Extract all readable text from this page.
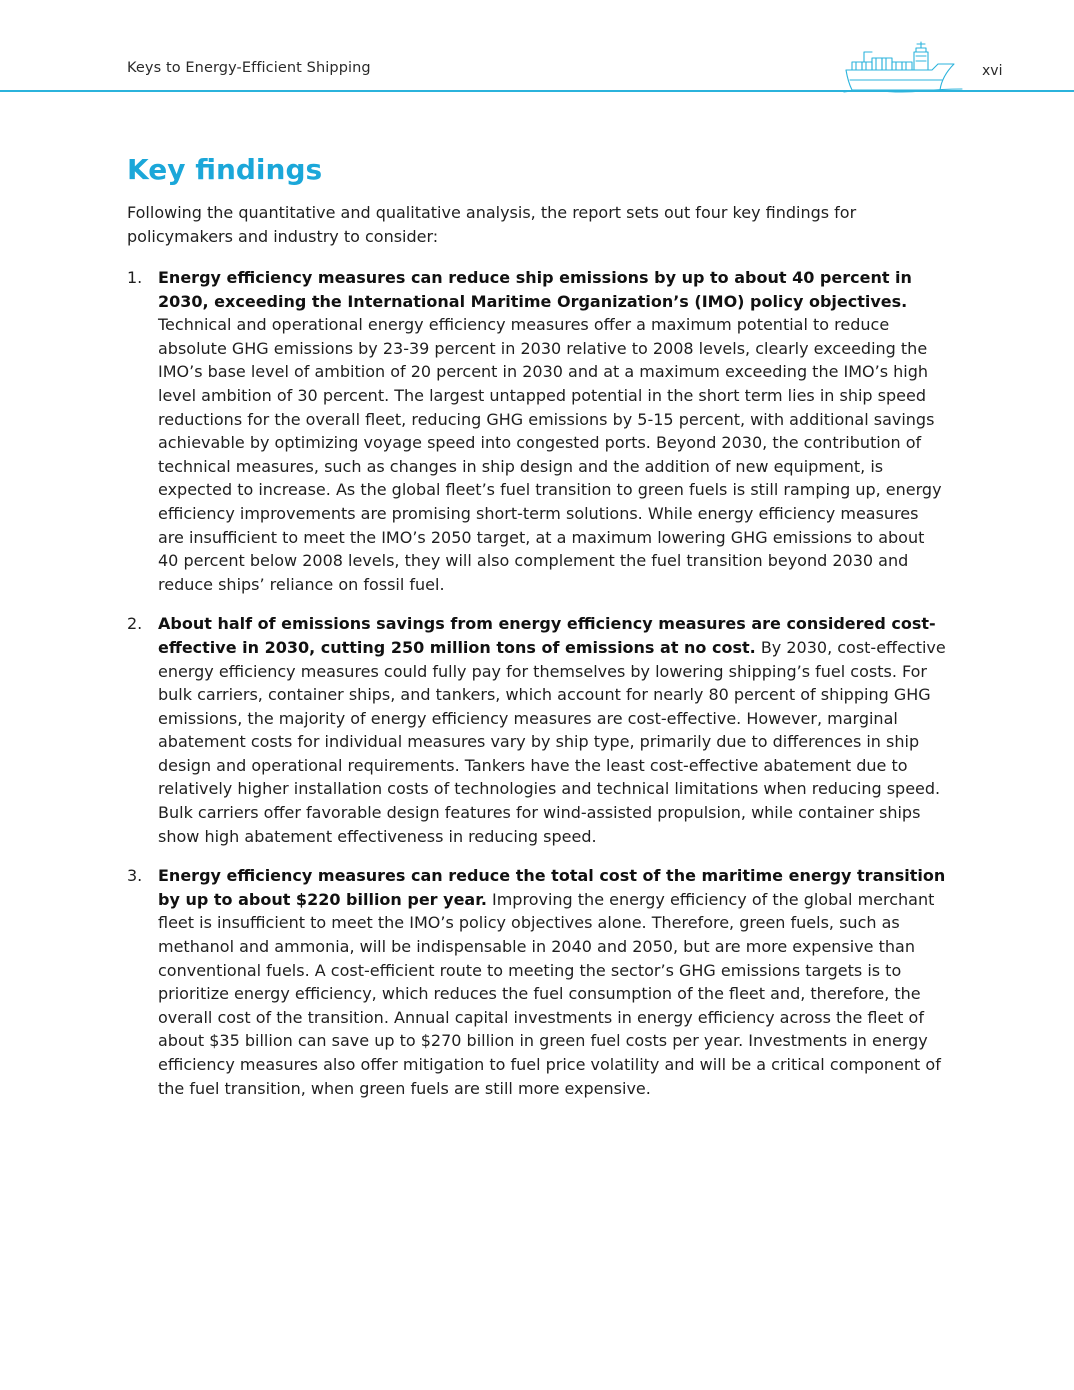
Keys to Energy-Efficient Shipping	xvi
Key findings

Following the quantitative and qualitative analysis, the report sets out four key findings for policymakers and industry to consider:

1. Energy efficiency measures can reduce ship emissions by up to about 40 percent in 2030, exceeding the International Maritime Organization’s (IMO) policy objectives. Technical and operational energy efficiency measures offer a maximum potential to reduce absolute GHG emissions by 23-39 percent in 2030 relative to 2008 levels, clearly exceeding the IMO’s base level of ambition of 20 percent in 2030 and at a maximum exceeding the IMO’s high level ambition of 30 percent. The largest untapped potential in the short term lies in ship speed reductions for the overall fleet, reducing GHG emissions by 5-15 percent, with additional savings achievable by optimizing voyage speed into congested ports. Beyond 2030, the contribution of technical measures, such as changes in ship design and the addition of new equipment, is expected to increase. As the global fleet’s fuel transition to green fuels is still ramping up, energy efficiency improvements are promising short-term solutions. While energy efficiency measures are insufficient to meet the IMO’s 2050 target, at a maximum lowering GHG emissions to about 40 percent below 2008 levels, they will also complement the fuel transition beyond 2030 and reduce ships’ reliance on fossil fuel.
2. About half of emissions savings from energy efficiency measures are considered cost-effective in 2030, cutting 250 million tons of emissions at no cost. By 2030, cost-effective energy efficiency measures could fully pay for themselves by lowering shipping’s fuel costs. For bulk carriers, container ships, and tankers, which account for nearly 80 percent of shipping GHG emissions, the majority of energy efficiency measures are cost-effective. However, marginal abatement costs for individual measures vary by ship type, primarily due to differences in ship design and operational requirements. Tankers have the least cost-effective abatement due to relatively higher installation costs of technologies and technical limitations when reducing speed. Bulk carriers offer favorable design features for wind-assisted propulsion, while container ships show high abatement effectiveness in reducing speed.
3. Energy efficiency measures can reduce the total cost of the maritime energy transition by up to about $220 billion per year. Improving the energy efficiency of the global merchant fleet is insufficient to meet the IMO’s policy objectives alone. Therefore, green fuels, such as methanol and ammonia, will be indispensable in 2040 and 2050, but are more expensive than conventional fuels. A cost-efficient route to meeting the sector’s GHG emissions targets is to prioritize energy efficiency, which reduces the fuel consumption of the fleet and, therefore, the overall cost of the transition. Annual capital investments in energy efficiency across the fleet of about $35 billion can save up to $270 billion in green fuel costs per year. Investments in energy efficiency measures also offer mitigation to fuel price volatility and will be a critical component of the fuel transition, when green fuels are still more expensive.
